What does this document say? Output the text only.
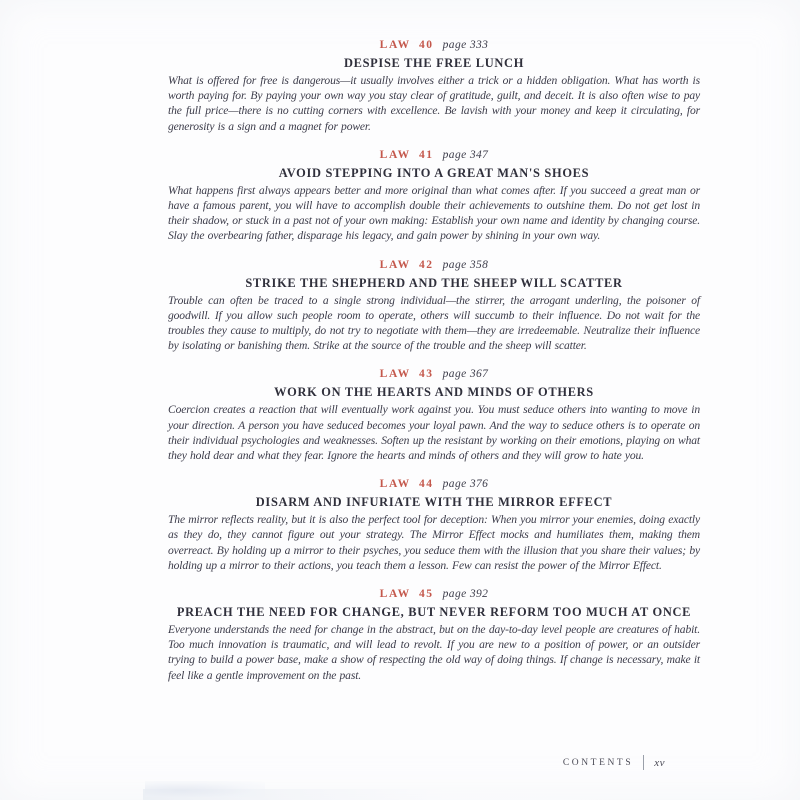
LAW 40 page 333
DESPISE THE FREE LUNCH

What is offered for free is dangerous—it usually involves either a trick or a hidden obligation. What has worth is worth paying for. By paying your own way you stay clear of gratitude, guilt, and deceit. It is also often wise to pay the full price—there is no cutting corners with excellence. Be lavish with your money and keep it circulating, for generosity is a sign and a magnet for power.

LAW 41 page 347
AVOID STEPPING INTO A GREAT MAN'S SHOES

What happens first always appears better and more original than what comes after. If you succeed a great man or have a famous parent, you will have to accomplish double their achievements to outshine them. Do not get lost in their shadow, or stuck in a past not of your own making: Establish your own name and identity by changing course. Slay the overbearing father, disparage his legacy, and gain power by shining in your own way.

LAW 42 page 358
STRIKE THE SHEPHERD AND THE SHEEP WILL SCATTER

Trouble can often be traced to a single strong individual—the stirrer, the arrogant underling, the poisoner of goodwill. If you allow such people room to operate, others will succumb to their influence. Do not wait for the troubles they cause to multiply, do not try to negotiate with them—they are irredeemable. Neutralize their influence by isolating or banishing them. Strike at the source of the trouble and the sheep will scatter.

LAW 43 page 367
WORK ON THE HEARTS AND MINDS OF OTHERS

Coercion creates a reaction that will eventually work against you. You must seduce others into wanting to move in your direction. A person you have seduced becomes your loyal pawn. And the way to seduce others is to operate on their individual psychologies and weaknesses. Soften up the resistant by working on their emotions, playing on what they hold dear and what they fear. Ignore the hearts and minds of others and they will grow to hate you.

LAW 44 page 376
DISARM AND INFURIATE WITH THE MIRROR EFFECT

The mirror reflects reality, but it is also the perfect tool for deception: When you mirror your enemies, doing exactly as they do, they cannot figure out your strategy. The Mirror Effect mocks and humiliates them, making them overreact. By holding up a mirror to their psyches, you seduce them with the illusion that you share their values; by holding up a mirror to their actions, you teach them a lesson. Few can resist the power of the Mirror Effect.

LAW 45 page 392
PREACH THE NEED FOR CHANGE, BUT NEVER REFORM TOO MUCH AT ONCE

Everyone understands the need for change in the abstract, but on the day-to-day level people are creatures of habit. Too much innovation is traumatic, and will lead to revolt. If you are new to a position of power, or an outsider trying to build a power base, make a show of respecting the old way of doing things. If change is necessary, make it feel like a gentle improvement on the past.

CONTENTS xv
